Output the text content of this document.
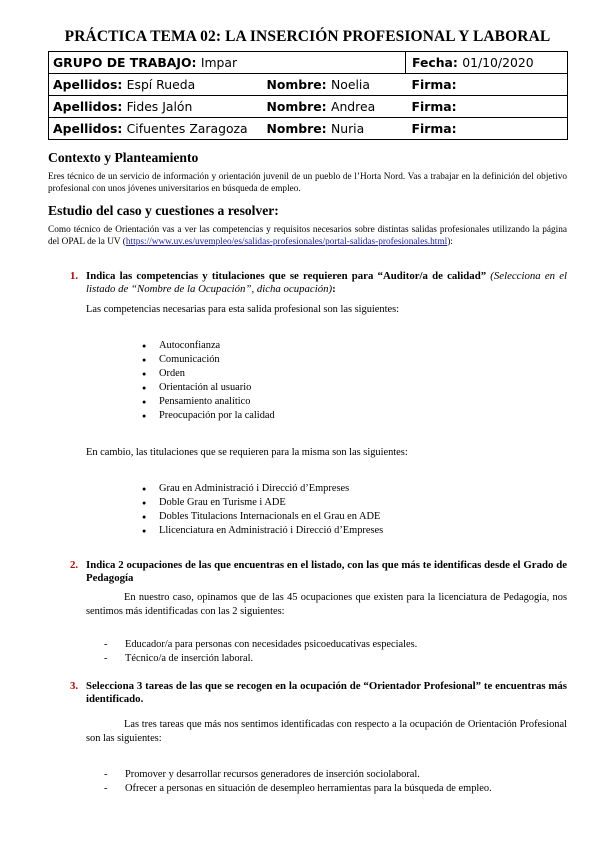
PRÁCTICA TEMA 02: LA INSERCIÓN PROFESIONAL Y LABORAL
GRUPO DE TRABAJO: Impar		Fecha: 01/10/2020
Apellidos: Espí Rueda	Nombre: Noelia	Firma:
Apellidos: Fides Jalón	Nombre: Andrea	Firma:
Apellidos: Cifuentes Zaragoza	Nombre: Nuria	Firma:
Contexto y Planteamiento

Eres técnico de un servicio de información y orientación juvenil de un pueblo de l’Horta Nord. Vas a trabajar en la definición del objetivo profesional con unos jóvenes universitarios en búsqueda de empleo.

Estudio del caso y cuestiones a resolver:

Como técnico de Orientación vas a ver las competencias y requisitos necesarios sobre distintas salidas profesionales utilizando la página del OPAL de la UV (https://www.uv.es/uvempleo/es/salidas-profesionales/portal-salidas-profesionales.html):

1. Indica las competencias y titulaciones que se requieren para “Auditor/a de calidad” (Selecciona en el listado de “Nombre de la Ocupación”, dicha ocupación):

Las competencias necesarias para esta salida profesional son las siguientes:

● Autoconfianza
● Comunicación
● Orden
● Orientación al usuario
● Pensamiento analítico
● Preocupación por la calidad

En cambio, las titulaciones que se requieren para la misma son las siguientes:

● Grau en Administració i Direcció d’Empreses
● Doble Grau en Turisme i ADE
● Dobles Titulacions Internacionals en el Grau en ADE
● Llicenciatura en Administració i Direcció d’Empreses
2. Indica 2 ocupaciones de las que encuentras en el listado, con las que más te identificas desde el Grado de Pedagogía

En nuestro caso, opinamos que de las 45 ocupaciones que existen para la licenciatura de Pedagogía, nos sentimos más identificadas con las 2 siguientes:

- Educador/a para personas con necesidades psicoeducativas especiales.
- Técnico/a de inserción laboral.
3. Selecciona 3 tareas de las que se recogen en la ocupación de “Orientador Profesional” te encuentras más identificado.

Las tres tareas que más nos sentimos identificadas con respecto a la ocupación de Orientación Profesional son las siguientes:

- Promover y desarrollar recursos generadores de inserción sociolaboral.
- Ofrecer a personas en situación de desempleo herramientas para la búsqueda de empleo.
